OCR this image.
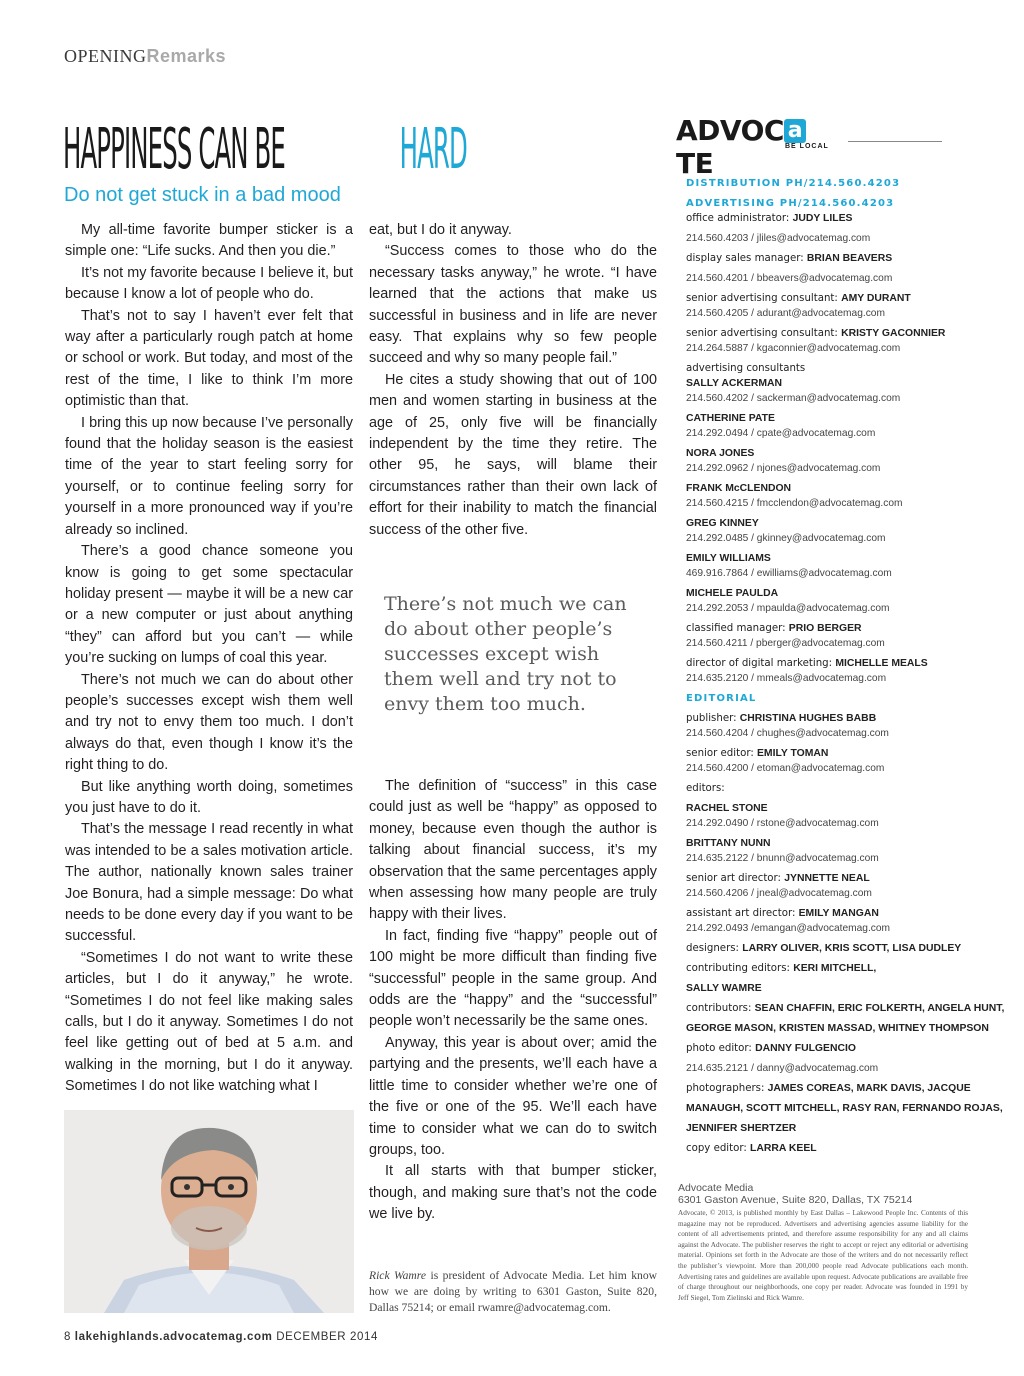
OPENINGRemarks
HAPPINESS CAN BEHARD
Do not get stuck in a bad mood

My all-time favorite bumper sticker is a simple one: “Life sucks. And then you die.”

It’s not my favorite because I believe it, but because I know a lot of people who do.

That’s not to say I haven’t ever felt that way after a particularly rough patch at home or school or work. But today, and most of the rest of the time, I like to think I’m more optimistic than that.

I bring this up now because I’ve personally found that the holiday season is the easiest time of the year to start feeling sorry for yourself, or to continue feeling sorry for yourself in a more pronounced way if you’re already so inclined.

There’s a good chance someone you know is going to get some spectacular holiday present — maybe it will be a new car or a new computer or just about anything “they” can afford but you can’t — while you’re sucking on lumps of coal this year.

There’s not much we can do about other people’s successes except wish them well and try not to envy them too much. I don’t always do that, even though I know it’s the right thing to do.

But like anything worth doing, sometimes you just have to do it.

That’s the message I read recently in what was intended to be a sales motivation article. The author, nationally known sales trainer Joe Bonura, had a simple message: Do what needs to be done every day if you want to be successful.

“Sometimes I do not want to write these articles, but I do it anyway,” he wrote. “Sometimes I do not feel like making sales calls, but I do it anyway. Sometimes I do not feel like getting out of bed at 5 a.m. and walking in the morning, but I do it anyway. Sometimes I do not like watching what I

eat, but I do it anyway.

“Success comes to those who do the necessary tasks anyway,” he wrote. “I have learned that the actions that make us successful in business and in life are never easy. That explains why so few people succeed and why so many people fail.”

He cites a study showing that out of 100 men and women starting in business at the age of 25, only five will be financially independent by the time they retire. The other 95, he says, will blame their circumstances rather than their own lack of effort for their inability to match the financial success of the other five.

There’s not much we can do about other people’s successes except wish them well and try not to envy them too much.

The definition of “success” in this case could just as well be “happy” as opposed to money, because even though the author is talking about financial success, it’s my observation that the same percentages apply when assessing how many people are truly happy with their lives.

In fact, finding five “happy” people out of 100 might be more difficult than finding five “successful” people in the same group. And odds are the “happy” and the “successful” people won’t necessarily be the same ones.

Anyway, this year is about over; amid the partying and the presents, we’ll each have a little time to consider whether we’re one of the five or one of the 95. We’ll each have time to consider what we can do to switch groups, too.

It all starts with that bumper sticker, though, and making sure that’s not the code we live by.

Rick Wamre is president of Advocate Media. Let him know how we are doing by writing to 6301 Gaston, Suite 820, Dallas 75214; or email rwamre@advocatemag.com.
8 lakehighlands.advocatemag.com DECEMBER 2014
ADVOC aTE
BE LOCAL

DISTRIBUTION PH/214.560.4203

ADVERTISING PH/214.560.4203

office administrator: JUDY LILES

214.560.4203 / jliles@advocatemag.com

display sales manager: BRIAN BEAVERS

214.560.4201 / bbeavers@advocatemag.com

senior advertising consultant: AMY DURANT

214.560.4205 / adurant@advocatemag.com

senior advertising consultant: KRISTY GACONNIER

214.264.5887 / kgaconnier@advocatemag.com

advertising consultants

SALLY ACKERMAN

214.560.4202 / sackerman@advocatemag.com

CATHERINE PATE

214.292.0494 / cpate@advocatemag.com

NORA JONES

214.292.0962 / njones@advocatemag.com

FRANK McCLENDON

214.560.4215 / fmcclendon@advocatemag.com

GREG KINNEY

214.292.0485 / gkinney@advocatemag.com

EMILY WILLIAMS

469.916.7864 / ewilliams@advocatemag.com

MICHELE PAULDA

214.292.2053 / mpaulda@advocatemag.com

classified manager: PRIO BERGER

214.560.4211 / pberger@advocatemag.com

director of digital marketing: MICHELLE MEALS

214.635.2120 / mmeals@advocatemag.com

EDITORIAL

publisher: CHRISTINA HUGHES BABB

214.560.4204 / chughes@advocatemag.com

senior editor: EMILY TOMAN

214.560.4200 / etoman@advocatemag.com

editors:

RACHEL STONE

214.292.0490 / rstone@advocatemag.com

BRITTANY NUNN

214.635.2122 / bnunn@advocatemag.com

senior art director: JYNNETTE NEAL

214.560.4206 / jneal@advocatemag.com

assistant art director: EMILY MANGAN

214.292.0493 /emangan@advocatemag.com

designers: LARRY OLIVER, KRIS SCOTT, LISA DUDLEY

contributing editors: KERI MITCHELL,

SALLY WAMRE

contributors: SEAN CHAFFIN, ERIC FOLKERTH, ANGELA HUNT,

GEORGE MASON, KRISTEN MASSAD, WHITNEY THOMPSON

photo editor: DANNY FULGENCIO

214.635.2121 / danny@advocatemag.com

photographers: JAMES COREAS, MARK DAVIS, JACQUE

MANAUGH, SCOTT MITCHELL, RASY RAN, FERNANDO ROJAS,

JENNIFER SHERTZER

copy editor: LARRA KEEL

Advocate Media
6301 Gaston Avenue, Suite 820, Dallas, TX 75214
Advocate, © 2013, is published monthly by East Dallas – Lakewood People Inc. Contents of this magazine may not be reproduced. Advertisers and advertising agencies assume liability for the content of all advertisements printed, and therefore assume responsibility for any and all claims against the Advocate. The publisher reserves the right to accept or reject any editorial or advertising material. Opinions set forth in the Advocate are those of the writers and do not necessarily reflect the publisher’s viewpoint. More than 200,000 people read Advocate publications each month. Advertising rates and guidelines are available upon request. Advocate publications are available free of charge throughout our neighborhoods, one copy per reader. Advocate was founded in 1991 by Jeff Siegel, Tom Zielinski and Rick Wamre.
